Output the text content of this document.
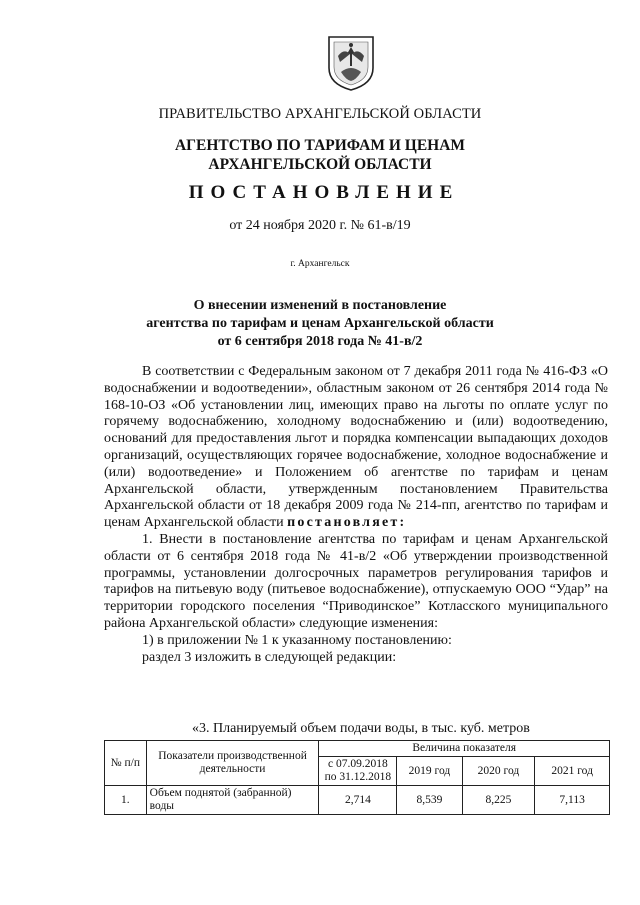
ПРАВИТЕЛЬСТВО АРХАНГЕЛЬСКОЙ ОБЛАСТИ
АГЕНТСТВО ПО ТАРИФАМ И ЦЕНАМ
АРХАНГЕЛЬСКОЙ ОБЛАСТИ
ПОСТАНОВЛЕНИЕ
от 24 ноября 2020 г. № 61-в/19
г. Архангельск
О внесении изменений в постановление
агентства по тарифам и ценам Архангельской области
от 6 сентября 2018 года № 41-в/2

В соответствии с Федеральным законом от 7 декабря 2011 года № 416-ФЗ «О водоснабжении и водоотведении», областным законом от 26 сентября 2014 года № 168-10-ОЗ «Об установлении лиц, имеющих право на льготы по оплате услуг по горячему водоснабжению, холодному водоснабжению и (или) водоотведению, оснований для предоставления льгот и порядка компенсации выпадающих доходов организаций, осуществляющих горячее водоснабжение, холодное водоснабжение и (или) водоотведение» и Положением об агентстве по тарифам и ценам Архангельской области, утвержденным постановлением Правительства Архангельской области от 18 декабря 2009 года № 214-пп, агентство по тарифам и ценам Архангельской области постановляет:

1. Внести в постановление агентства по тарифам и ценам Архангельской области от 6 сентября 2018 года № 41-в/2 «Об утверждении производственной программы, установлении долгосрочных параметров регулирования тарифов и тарифов на питьевую воду (питьевое водоснабжение), отпускаемую ООО “Удар” на территории городского поселения “Приводинское” Котласского муниципального района Архангельской области» следующие изменения:

1) в приложении № 1 к указанному постановлению:

раздел 3 изложить в следующей редакции:

«3. Планируемый объем подачи воды, в тыс. куб. метров
№ п/п	Показатели производственной деятельности	Величина показателя			
		с 07.09.2018 по 31.12.2018	2019 год	2020 год	2021 год
1.	Объем поднятой (забранной) воды	2,714	8,539	8,225	7,113
